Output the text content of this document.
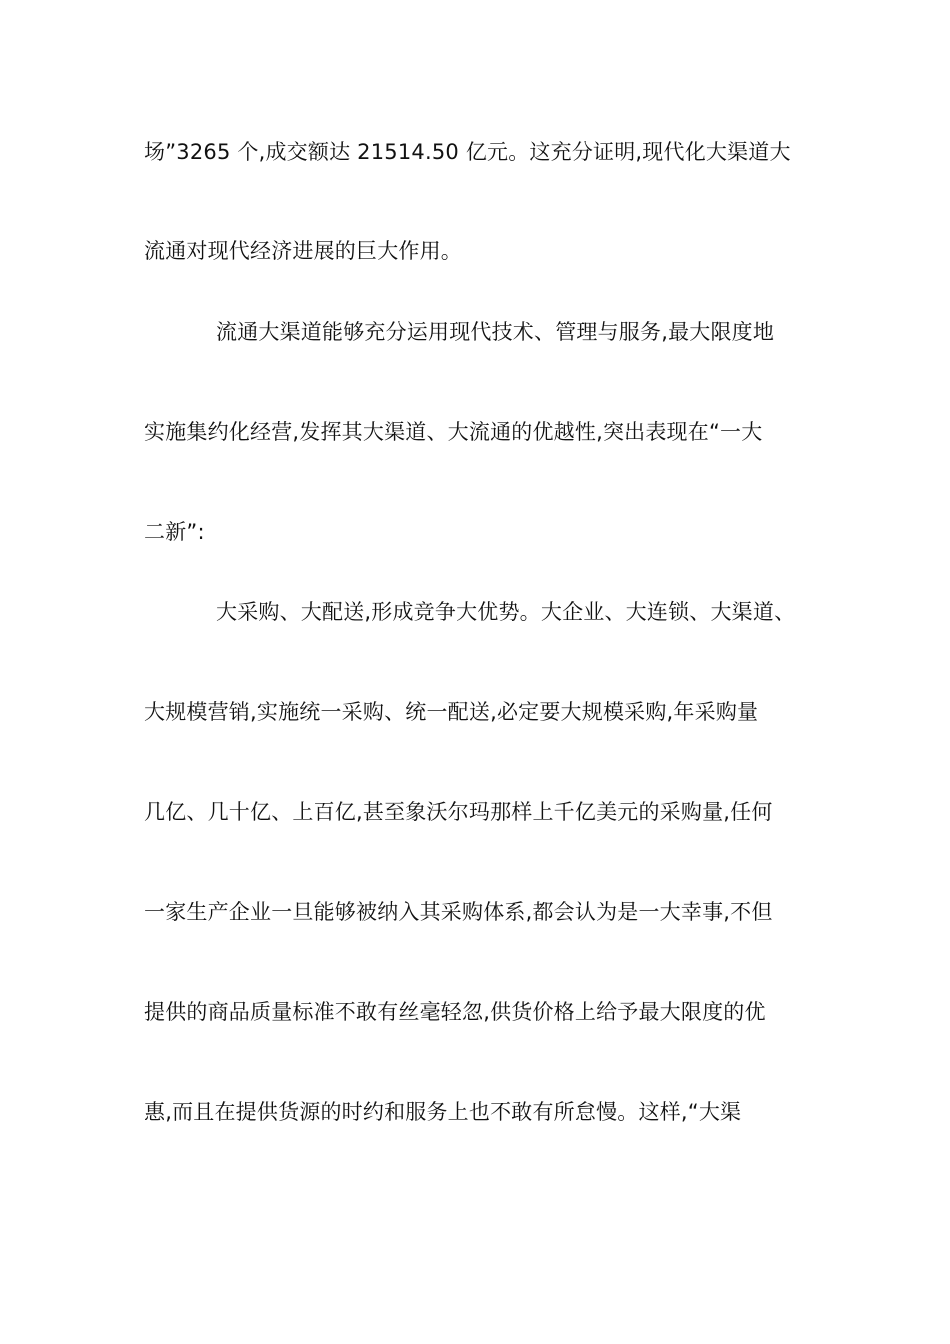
场”3265 个,成交额达 21514.50 亿元。这充分证明,现代化大渠道大
流通对现代经济进展的巨大作用。
流通大渠道能够充分运用现代技术、管理与服务,最大限度地
实施集约化经营,发挥其大渠道、大流通的优越性,突出表现在“一大
二新”:
大采购、大配送,形成竞争大优势。大企业、大连锁、大渠道、
大规模营销,实施统一采购、统一配送,必定要大规模采购,年采购量
几亿、几十亿、上百亿,甚至象沃尔玛那样上千亿美元的采购量,任何
一家生产企业一旦能够被纳入其采购体系,都会认为是一大幸事,不但
提供的商品质量标准不敢有丝毫轻忽,供货价格上给予最大限度的优
惠,而且在提供货源的时约和服务上也不敢有所怠慢。这样,“大渠
